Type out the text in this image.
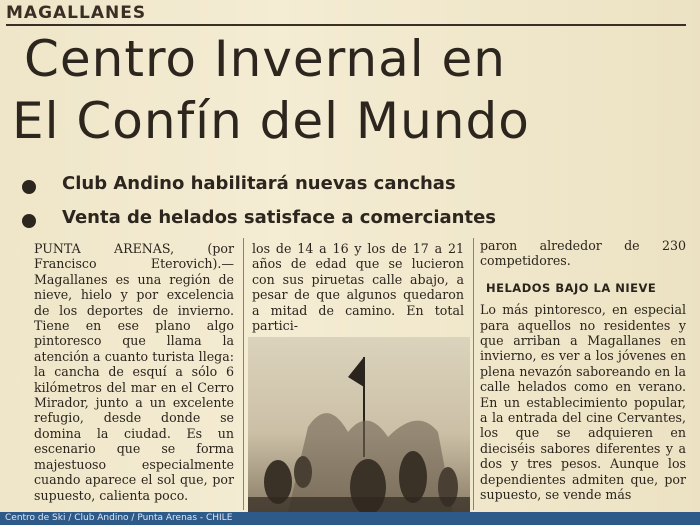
⁠ ⁠
MAGALLANES
Centro Invernal en
El Confín del Mundo
Club Andino habilitará nuevas canchas
Venta de helados satisface a comerciantes

PUNTA ARENAS, (por Francisco Eterovich).— Magallanes es una región de nieve, hielo y por excelencia de los deportes de invierno. Tiene en ese plano algo pintoresco que llama la atención a cuanto turista llega: la cancha de esquí a sólo 6 kilómetros del mar en el Cerro Mirador, junto a un excelente refugio, desde donde se domina la ciudad. Es un escenario que se forma majestuoso especialmente cuando aparece el sol que, por supuesto, calienta poco.

los de 14 a 16 y los de 17 a 21 años de edad que se lucieron con sus piruetas calle abajo, a pesar de que algunos quedaron a mitad de camino. En total partici-

paron alrededor de 230 competidores.

HELADOS BAJO LA NIEVE

Lo más pintoresco, en especial para aquellos no residentes y que arriban a Magallanes en invierno, es ver a los jóvenes en plena nevazón saboreando en la calle helados como en verano. En un establecimiento popular, a la entrada del cine Cervantes, los que se adquieren en dieciséis sabores diferentes y a dos y tres pesos. Aunque los dependientes admiten que, por supuesto, se vende más

Centro de Ski / Club Andino / Punta Arenas - CHILE
